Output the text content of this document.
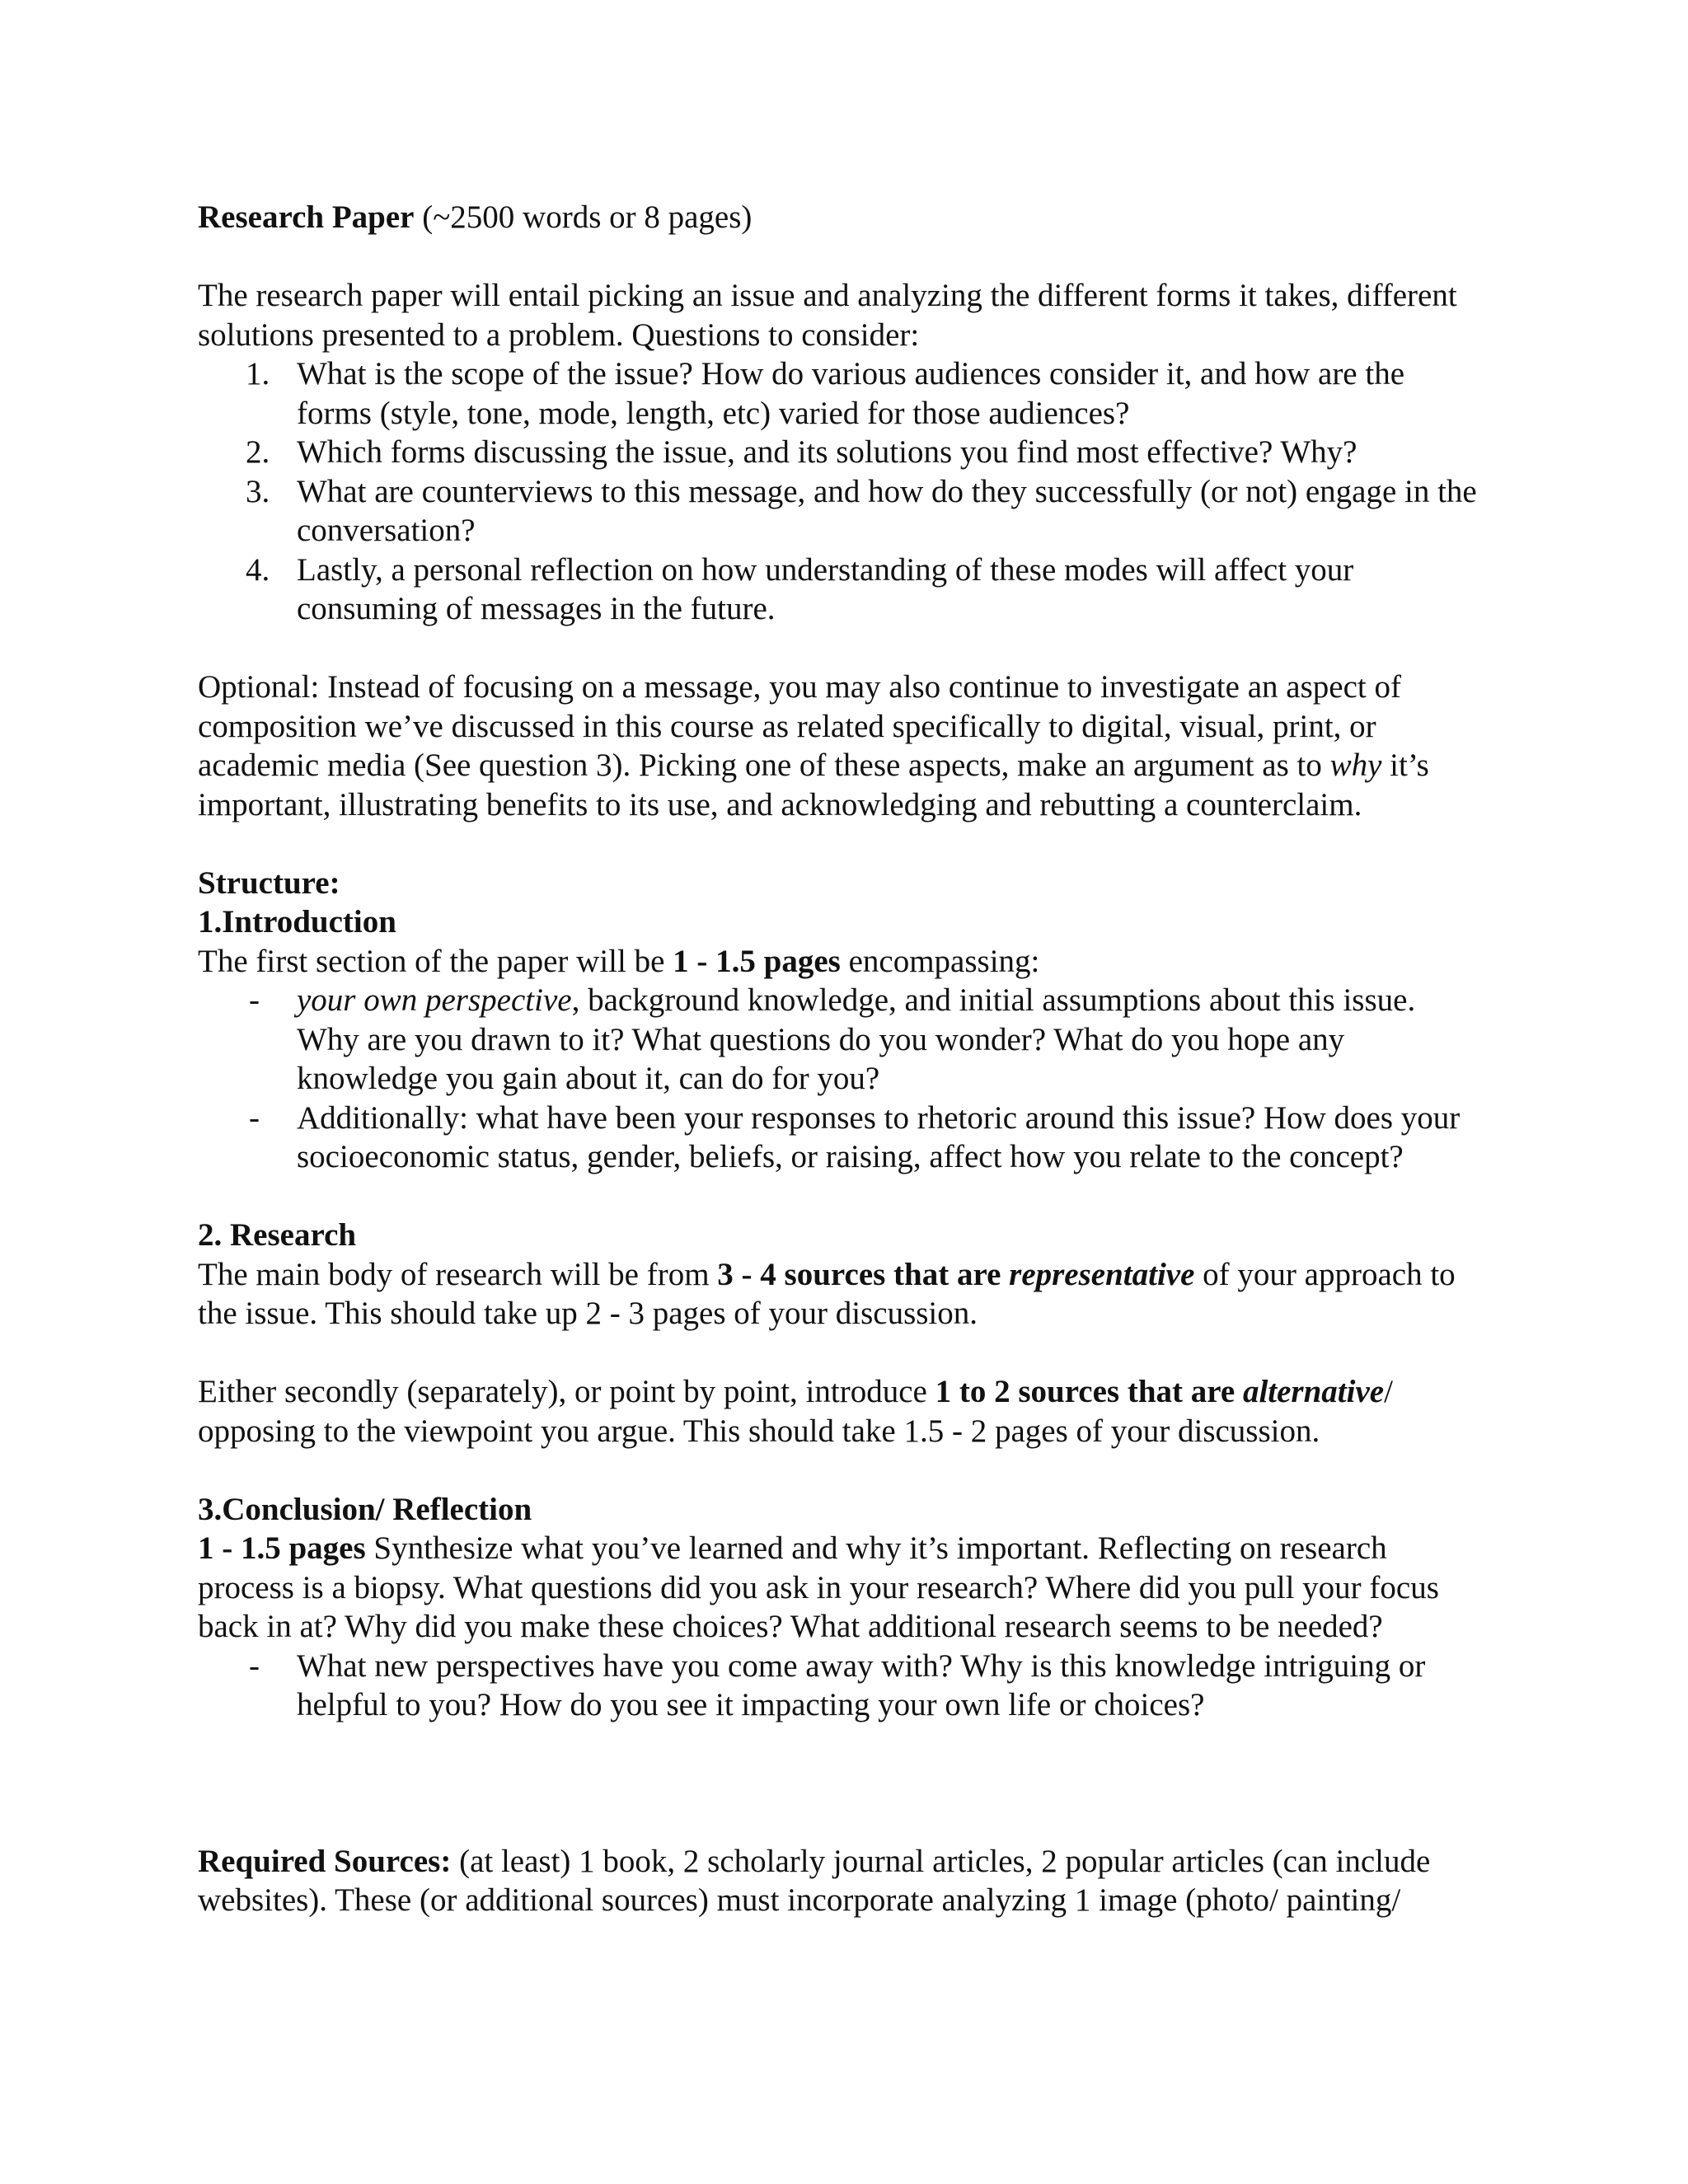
Research Paper (~2500 words or 8 pages)

The research paper will entail picking an issue and analyzing the different forms it takes, different solutions presented to a problem. Questions to consider:

1. What is the scope of the issue? How do various audiences consider it, and how are the forms (style, tone, mode, length, etc) varied for those audiences?
2. Which forms discussing the issue, and its solutions you find most effective? Why?
3. What are counterviews to this message, and how do they successfully (or not) engage in the conversation?
4. Lastly, a personal reflection on how understanding of these modes will affect your consuming of messages in the future.

Optional: Instead of focusing on a message, you may also continue to investigate an aspect of composition we’ve discussed in this course as related specifically to digital, visual, print, or academic media (See question 3). Picking one of these aspects, make an argument as to why it’s important, illustrating benefits to its use, and acknowledging and rebutting a counterclaim.

Structure:

1.Introduction

The first section of the paper will be 1 - 1.5 pages encompassing:

- your own perspective, background knowledge, and initial assumptions about this issue. Why are you drawn to it? What questions do you wonder? What do you hope any knowledge you gain about it, can do for you?
- Additionally: what have been your responses to rhetoric around this issue? How does your socioeconomic status, gender, beliefs, or raising, affect how you relate to the concept?

2. Research

The main body of research will be from 3 - 4 sources that are representative of your approach to the issue. This should take up 2 - 3 pages of your discussion.

Either secondly (separately), or point by point, introduce 1 to 2 sources that are alternative/ opposing to the viewpoint you argue. This should take 1.5 - 2 pages of your discussion.

3.Conclusion/ Reflection

1 - 1.5 pages Synthesize what you’ve learned and why it’s important. Reflecting on research process is a biopsy. What questions did you ask in your research? Where did you pull your focus back in at? Why did you make these choices? What additional research seems to be needed?

- What new perspectives have you come away with? Why is this knowledge intriguing or helpful to you? How do you see it impacting your own life or choices?

Required Sources: (at least) 1 book, 2 scholarly journal articles, 2 popular articles (can include websites). These (or additional sources) must incorporate analyzing 1 image (photo/ painting/
